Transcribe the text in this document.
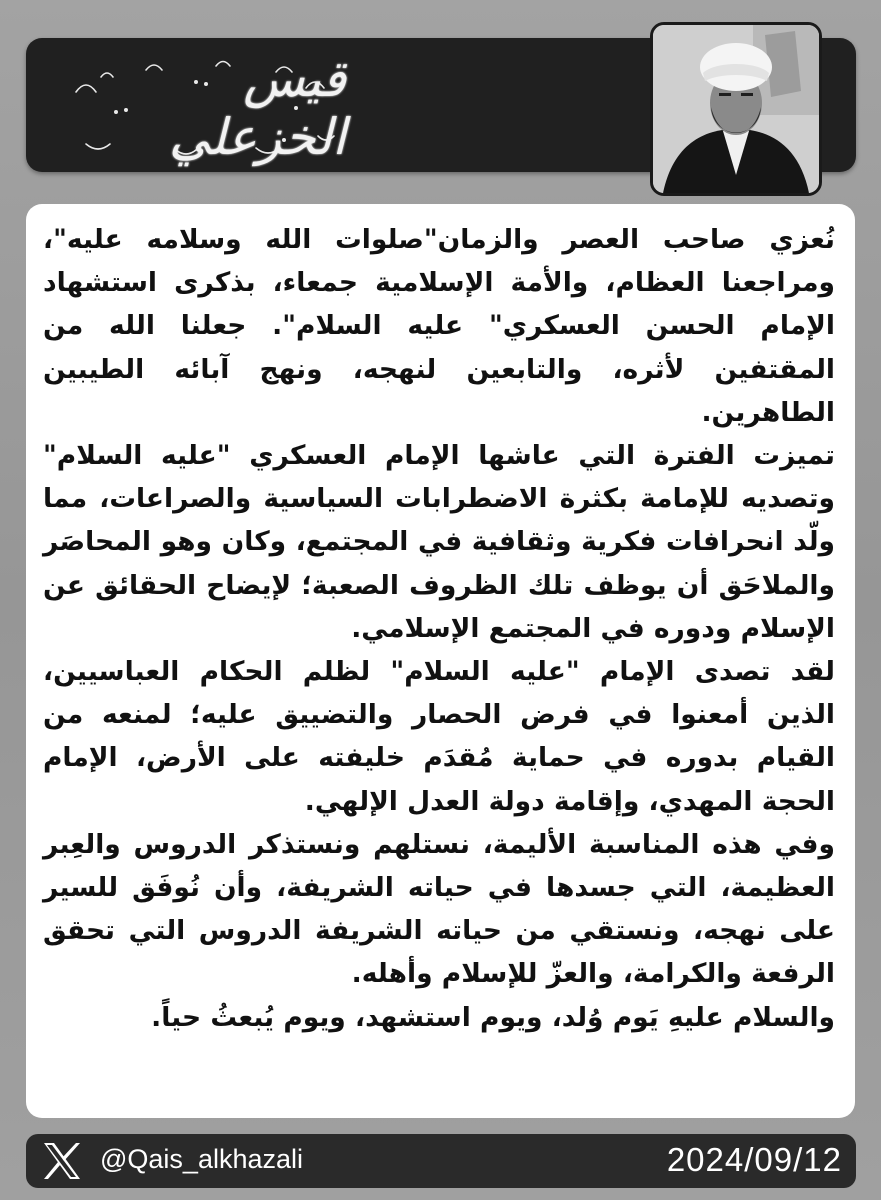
قيس الخزعلي

نُعزي صاحب العصر والزمان"صلوات الله وسلامه عليه"، ومراجعنا العظام، والأمة الإسلامية جمعاء، بذكرى استشهاد الإمام الحسن العسكري" عليه السلام". جعلنا الله من المقتفين لأثره، والتابعين لنهجه، ونهج آبائه الطيبين الطاهرين.

تميزت الفترة التي عاشها الإمام العسكري "عليه السلام" وتصديه للإمامة بكثرة الاضطرابات السياسية والصراعات، مما ولّد انحرافات فكرية وثقافية في المجتمع، وكان وهو المحاصَر والملاحَق أن يوظف تلك الظروف الصعبة؛ لإيضاح الحقائق عن الإسلام ودوره في المجتمع الإسلامي.

لقد تصدى الإمام "عليه السلام" لظلم الحكام العباسيين، الذين أمعنوا في فرض الحصار والتضييق عليه؛ لمنعه من القيام بدوره في حماية مُقدَم خليفته على الأرض، الإمام الحجة المهدي، وإقامة دولة العدل الإلهي.

وفي هذه المناسبة الأليمة، نستلهم ونستذكر الدروس والعِبر العظيمة، التي جسدها في حياته الشريفة، وأن نُوفَق للسير على نهجه، ونستقي من حياته الشريفة الدروس التي تحقق الرفعة والكرامة، والعزّ للإسلام وأهله.

والسلام عليهِ يَوم وُلد، ويوم استشهد، ويوم يُبعثُ حياً.

@Qais_alkhazali	2024/09/12
